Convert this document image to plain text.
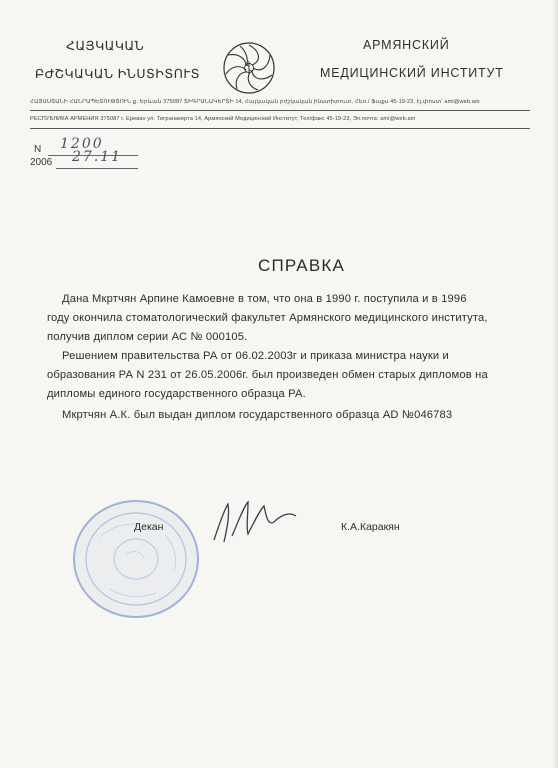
ՀԱՅԿԱԿԱՆ
ԲԺՇԿԱԿԱՆ ԻՆՍՏԻՏՈՒՏ
АРМЯНСКИЙ
МЕДИЦИНСКИЙ ИНСТИТУТ
ՀԱՅԱՍՏԱՆԻ ՀԱՆՐԱՊԵՏՈՒԹՅՈՒՆ ք. Երևան 375087 ՏԻԳՐԱՆԱԿԵՐՏԻ 14, Հայկական բժշկական ինստիտուտ, Հեռ./ Ֆաքս 45-19-23, էլ.փոստ՝ ami@web.am
РЕСПУБЛИКА АРМЕНИЯ 375087 г. Ереван ул. Тигранакерта 14, Армянский Медицинский Институт, Тел/факс 45-19-23, Эл.почта: ami@web.am
N 1200
2006 27.11
СПРАВКА
Дана Мкртчян Арпине Камоевне в том, что она в 1990 г. поступила и в 1996
году окончила стоматологический факультет Армянского медицинского института,
получив диплом серии АС № 000105.
Решением правительства РА от 06.02.2003г и приказа министра науки и
образования РА N 231 от 26.05.2006г. был произведен обмен старых дипломов на
дипломы единого государственного образца РА.
Мкртчян А.К. был выдан диплом государственного образца AD №046783
Декан	К.А.Каракян
